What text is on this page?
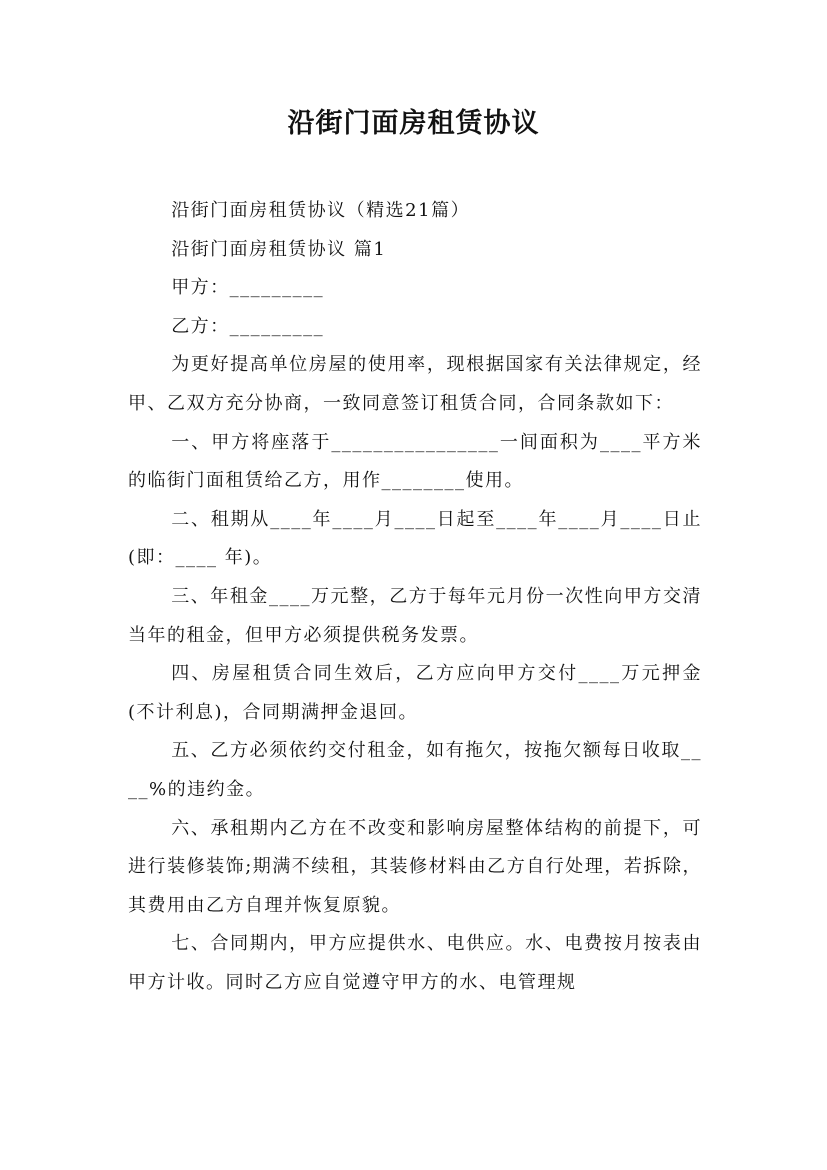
沿街门面房租赁协议

沿街门面房租赁协议（精选21篇）

沿街门面房租赁协议 篇1

甲方：_________

乙方：_________

为更好提高单位房屋的使用率，现根据国家有关法律规定，经甲、乙双方充分协商，一致同意签订租赁合同，合同条款如下：

一、甲方将座落于________________一间面积为____平方米的临街门面租赁给乙方，用作________使用。

二、租期从____年____月____日起至____年____月____日止(即：____ 年)。

三、年租金____万元整，乙方于每年元月份一次性向甲方交清当年的租金，但甲方必须提供税务发票。

四、房屋租赁合同生效后，乙方应向甲方交付____万元押金(不计利息)，合同期满押金退回。

五、乙方必须依约交付租金，如有拖欠，按拖欠额每日收取____%的违约金。

六、承租期内乙方在不改变和影响房屋整体结构的前提下，可进行装修装饰;期满不续租，其装修材料由乙方自行处理，若拆除，其费用由乙方自理并恢复原貌。

七、合同期内，甲方应提供水、电供应。水、电费按月按表由甲方计收。同时乙方应自觉遵守甲方的水、电管理规
